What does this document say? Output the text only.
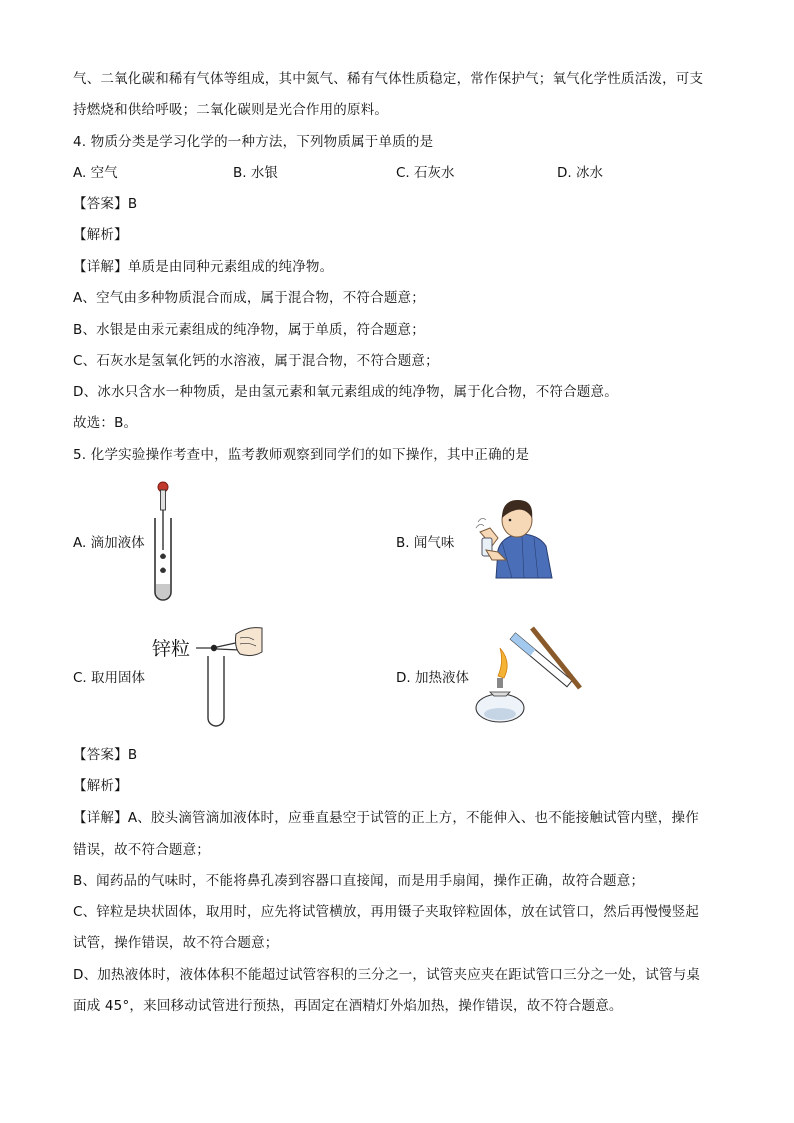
气、二氧化碳和稀有气体等组成，其中氮气、稀有气体性质稳定，常作保护气；氧气化学性质活泼，可支
持燃烧和供给呼吸；二氧化碳则是光合作用的原料。
4. 物质分类是学习化学的一种方法，下列物质属于单质的是
A. 空气	B. 水银	C. 石灰水	D. 冰水
【答案】B
【解析】
【详解】单质是由同种元素组成的纯净物。
A、空气由多种物质混合而成，属于混合物，不符合题意；
B、水银是由汞元素组成的纯净物，属于单质，符合题意；
C、石灰水是氢氧化钙的水溶液，属于混合物，不符合题意；
D、冰水只含水一种物质，是由氢元素和氧元素组成的纯净物，属于化合物，不符合题意。
故选：B。
5. 化学实验操作考查中，监考教师观察到同学们的如下操作，其中正确的是
A. 滴加液体	B. 闻气味
C. 取用固体	D. 加热液体
锌粒
【答案】B
【解析】
【详解】A、胶头滴管滴加液体时，应垂直悬空于试管的正上方，不能伸入、也不能接触试管内壁，操作
错误，故不符合题意；
B、闻药品的气味时，不能将鼻孔凑到容器口直接闻，而是用手扇闻，操作正确，故符合题意；
C、锌粒是块状固体，取用时，应先将试管横放，再用镊子夹取锌粒固体，放在试管口，然后再慢慢竖起
试管，操作错误，故不符合题意；
D、加热液体时，液体体积不能超过试管容积的三分之一，试管夹应夹在距试管口三分之一处，试管与桌
面成 45°，来回移动试管进行预热，再固定在酒精灯外焰加热，操作错误，故不符合题意。
